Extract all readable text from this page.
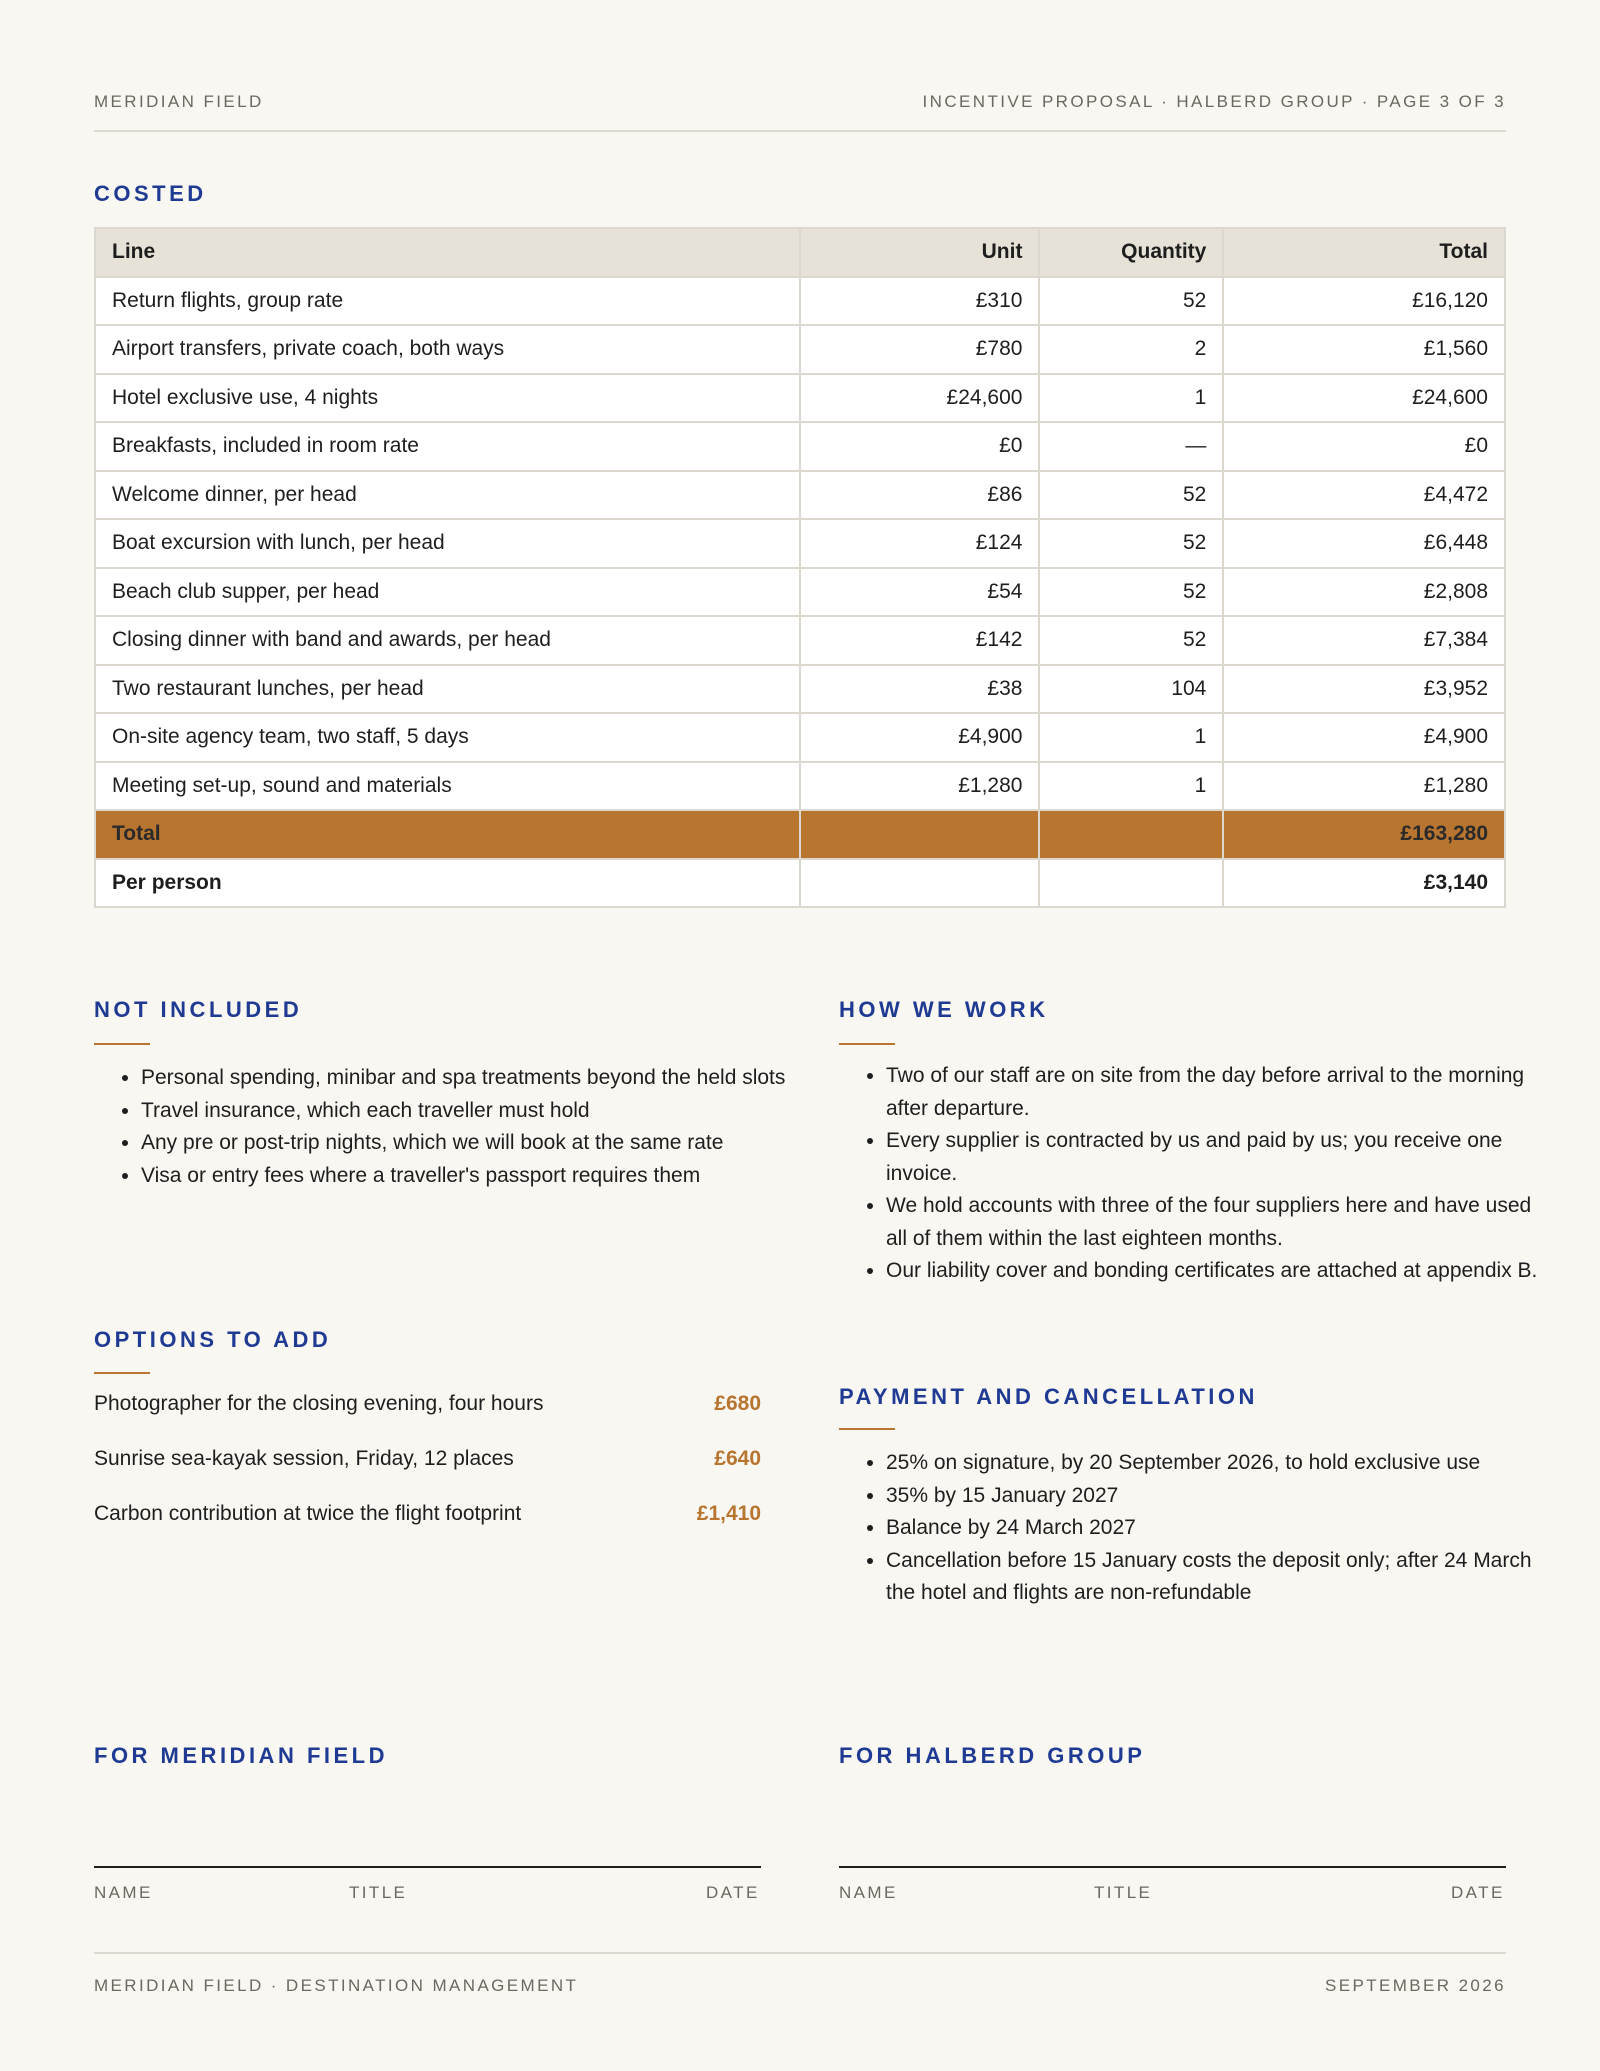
MERIDIAN FIELD	INCENTIVE PROPOSAL · HALBERD GROUP · PAGE 3 OF 3
COSTED
Line	Unit	Quantity	Total
Return flights, group rate	£310	52	£16,120
Airport transfers, private coach, both ways	£780	2	£1,560
Hotel exclusive use, 4 nights	£24,600	1	£24,600
Breakfasts, included in room rate	£0	—	£0
Welcome dinner, per head	£86	52	£4,472
Boat excursion with lunch, per head	£124	52	£6,448
Beach club supper, per head	£54	52	£2,808
Closing dinner with band and awards, per head	£142	52	£7,384
Two restaurant lunches, per head	£38	104	£3,952
On-site agency team, two staff, 5 days	£4,900	1	£4,900
Meeting set-up, sound and materials	£1,280	1	£1,280
Total			£163,280
Per person			£3,140
NOT INCLUDED
• Personal spending, minibar and spa treatments beyond the held slots
• Travel insurance, which each traveller must hold
• Any pre or post-trip nights, which we will book at the same rate
• Visa or entry fees where a traveller's passport requires them
HOW WE WORK
• Two of our staff are on site from the day before arrival to the morning after departure.
• Every supplier is contracted by us and paid by us; you receive one invoice.
• We hold accounts with three of the four suppliers here and have used all of them within the last eighteen months.
• Our liability cover and bonding certificates are attached at appendix B.
OPTIONS TO ADD
Photographer for the closing evening, four hours	£680
Sunrise sea-kayak session, Friday, 12 places	£640
Carbon contribution at twice the flight footprint	£1,410
PAYMENT AND CANCELLATION
• 25% on signature, by 20 September 2026, to hold exclusive use
• 35% by 15 January 2027
• Balance by 24 March 2027
• Cancellation before 15 January costs the deposit only; after 24 March the hotel and flights are non-refundable
FOR MERIDIAN FIELD
NAME	TITLE	DATE
FOR HALBERD GROUP
NAME	TITLE	DATE
MERIDIAN FIELD · DESTINATION MANAGEMENT	SEPTEMBER 2026
